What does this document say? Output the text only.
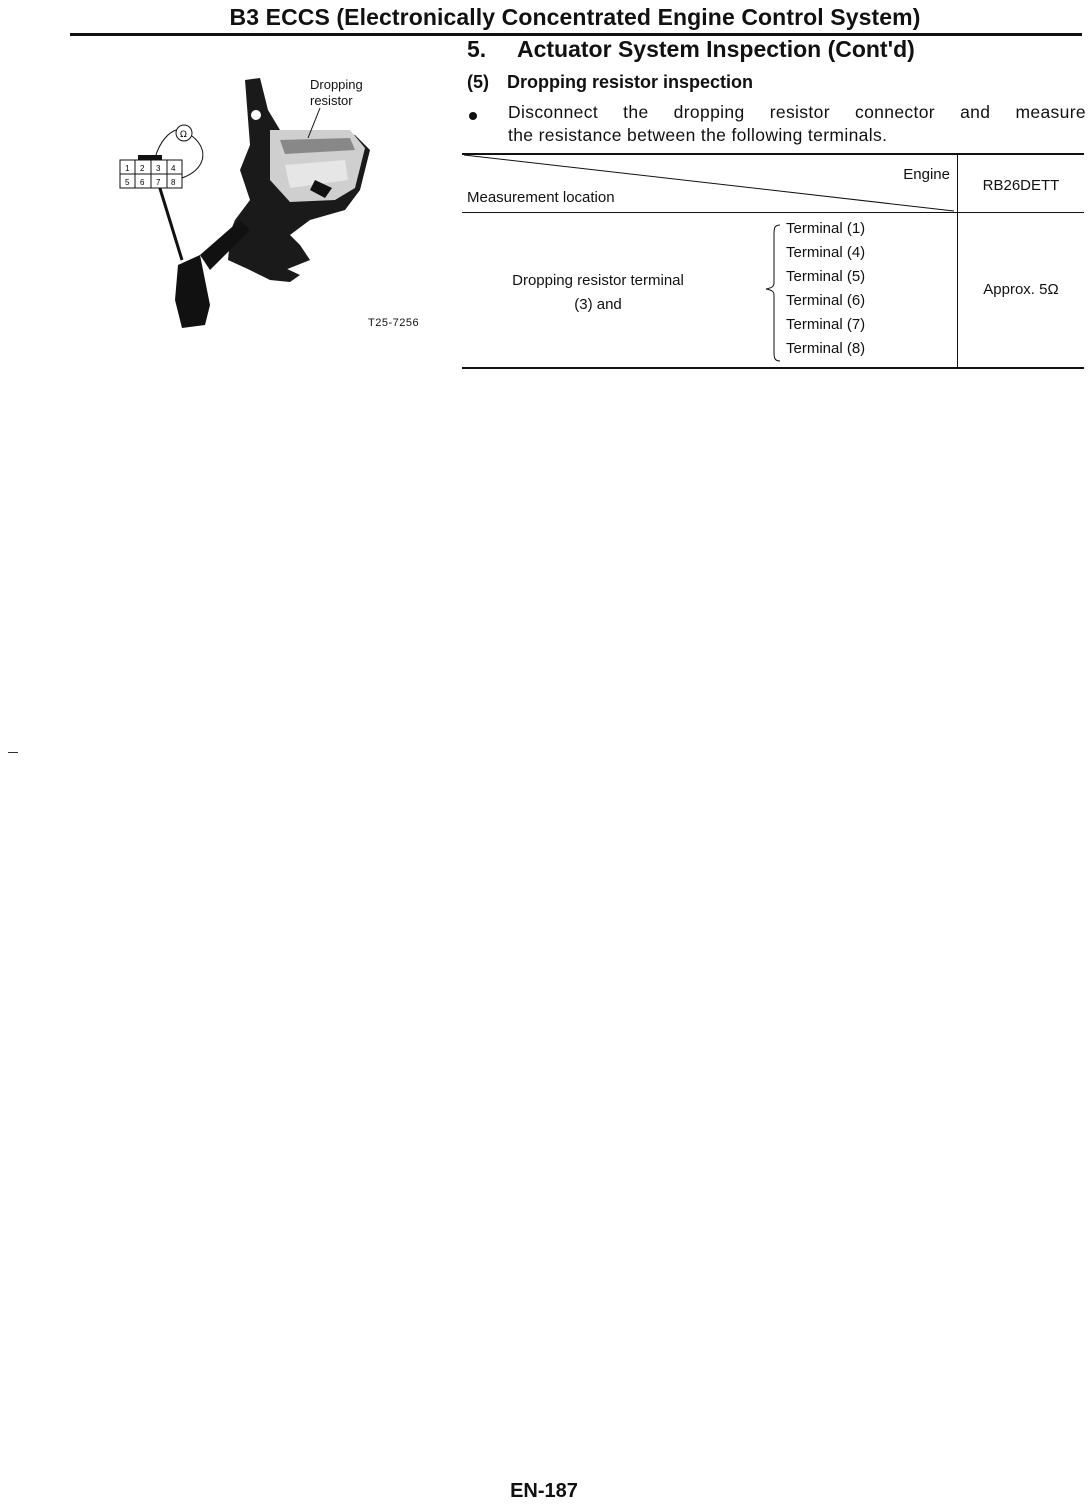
B3 ECCS (Electronically Concentrated Engine Control System)
1 2 3 4
5 6 7 8
Ω
Dropping
resistor
T25-7256
5. Actuator System Inspection (Cont'd)
(5) Dropping resistor inspection
Disconnect the dropping resistor connector and measure
the resistance between the following terminals.
Engine
Measurement location
RB26DETT
Dropping resistor terminal
(3) and
Terminal (1)
Terminal (4)
Terminal (5)
Terminal (6)
Terminal (7)
Terminal (8)
Approx. 5Ω
EN-187
